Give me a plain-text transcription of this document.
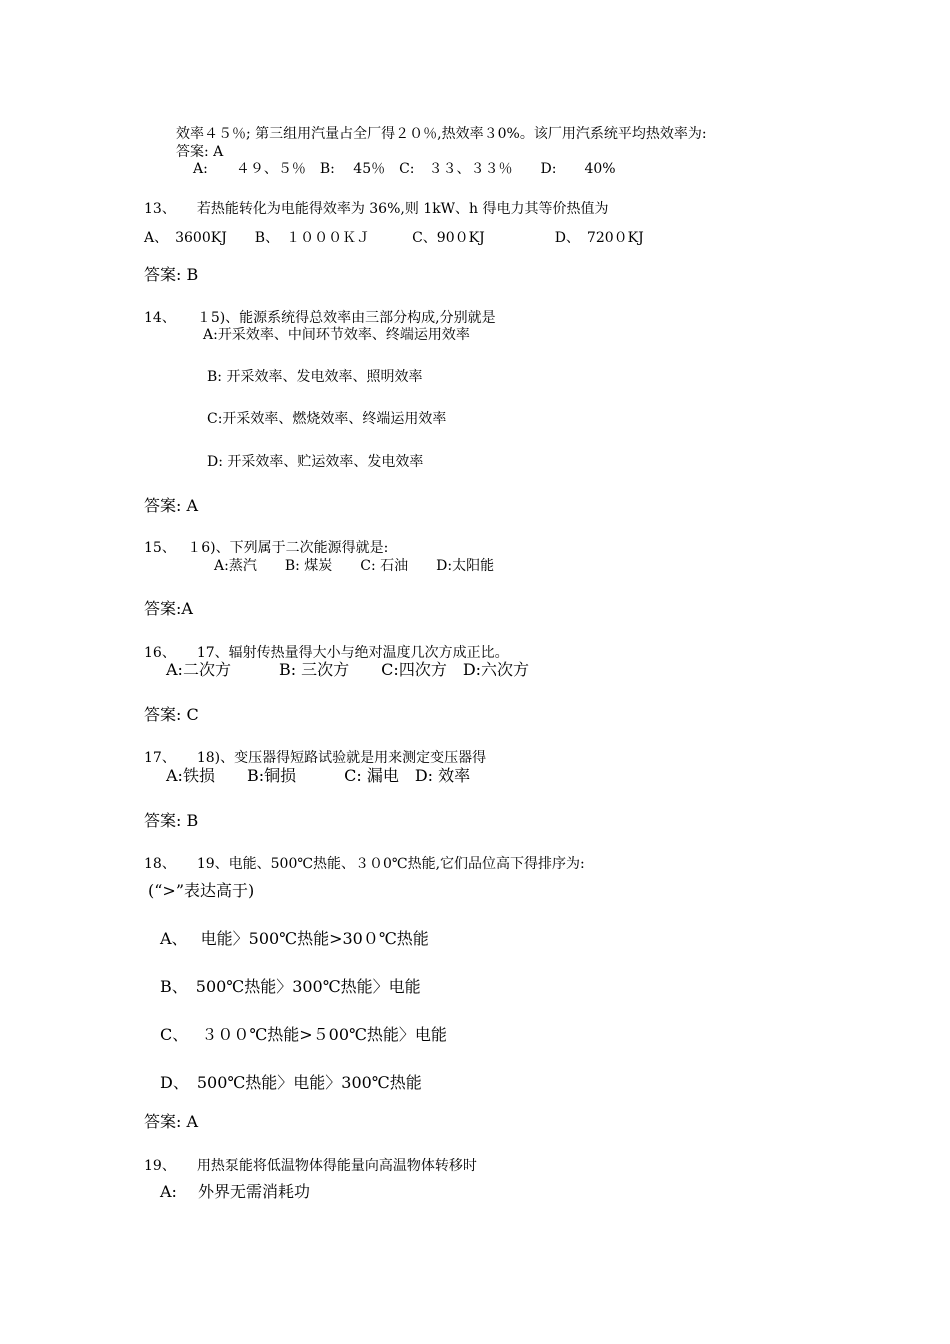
效率４５％; 第三组用汽量占全厂得２０％,热效率３0%。该厂用汽系统平均热效率为:
答案: A
A:　　４９、５％　B:　 45％　C:　３３、３３％　　D:　　40%
13、　　若热能转化为电能得效率为 36%,则 1kW、h 得电力其等价热值为
A、　3600KJ　　B、　１０００ＫＪ　　　C、90０KJ　　　　　D、　720０KJ
答案: B
14、　　１5)、能源系统得总效率由三部分构成,分别就是
A:开采效率、中间环节效率、终端运用效率
B: 开采效率、发电效率、照明效率
C:开采效率、燃烧效率、终端运用效率
D: 开采效率、贮运效率、发电效率
答案: A
15、　 １6)、下列属于二次能源得就是:
A:蒸汽　　B: 煤炭　　C: 石油　　D:太阳能
答案:A
16、　　17、辐射传热量得大小与绝对温度几次方成正比。
A:二次方　　　B: 三次方　　C:四次方　D:六次方
答案: C
17、　　18)、变压器得短路试验就是用来测定变压器得
A:铁损　　B:铜损　　　C: 漏电　D: 效率
答案: B
18、　　19、电能、500℃热能、３０0℃热能,它们品位高下得排序为:
(“>”表达高于)
A、　 电能〉500℃热能>30０℃热能
B、　500℃热能〉300℃热能〉电能
C、　 ３００℃热能>５00℃热能〉电能
D、　500℃热能〉电能〉300℃热能
答案: A
19、　　用热泵能将低温物体得能量向高温物体转移时
A:　 外界无需消耗功
